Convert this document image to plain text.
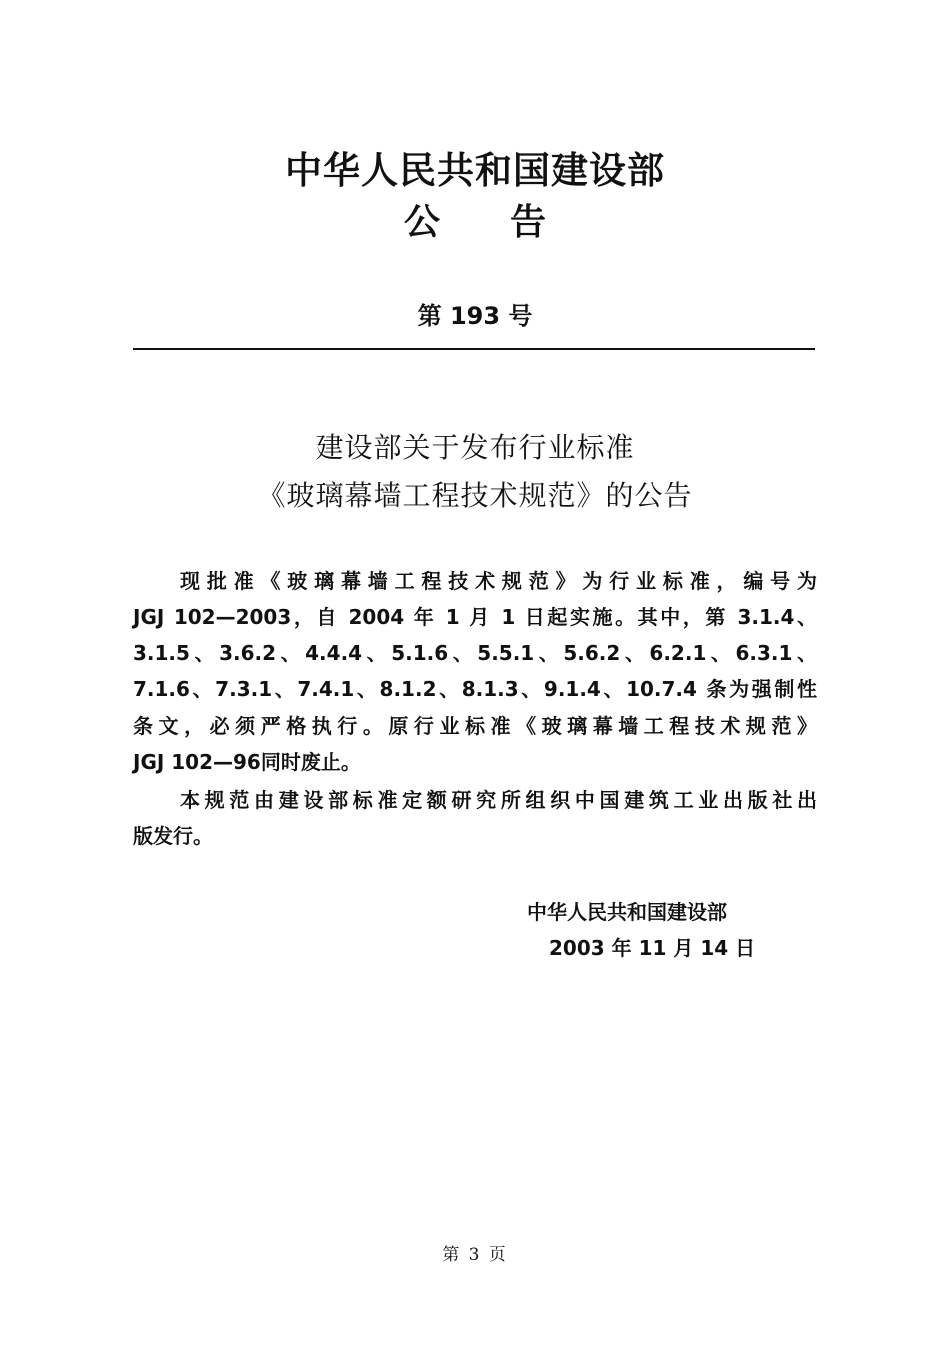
中华人民共和国建设部
公告
第 193 号
建设部关于发布行业标准
《玻璃幕墙工程技术规范》的公告
现批准《玻璃幕墙工程技术规范》为行业标准，编号为
JGJ 102—2003，自 2004 年 1 月 1 日起实施。其中，第 3.1.4、
3.1.5、3.6.2、4.4.4、5.1.6、5.5.1、5.6.2、6.2.1、6.3.1、
7.1.6、7.3.1、7.4.1、8.1.2、8.1.3、9.1.4、10.7.4 条为强制性
条文，必须严格执行。原行业标准《玻璃幕墙工程技术规范》
JGJ 102—96同时废止。
本规范由建设部标准定额研究所组织中国建筑工业出版社出
版发行。
中华人民共和国建设部
2003 年 11 月 14 日
第 3 页
